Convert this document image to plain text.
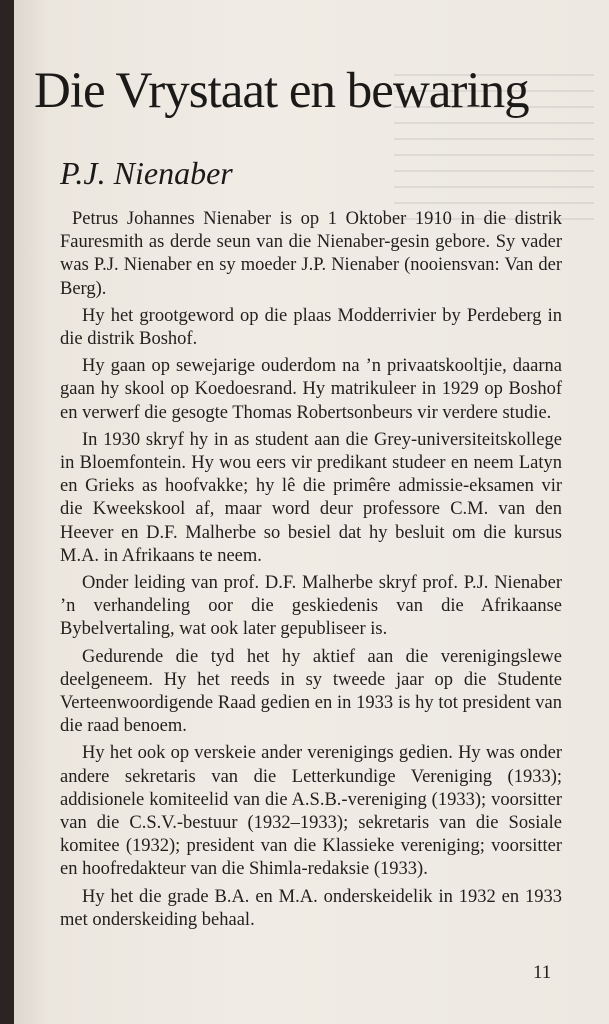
Die Vrystaat en bewaring
P.J. Nienaber

Petrus Johannes Nienaber is op 1 Oktober 1910 in die distrik Fauresmith as derde seun van die Nienaber-gesin gebore. Sy vader was P.J. Nienaber en sy moeder J.P. Nienaber (nooiensvan: Van der Berg).

Hy het grootgeword op die plaas Modderrivier by Perdeberg in die distrik Boshof.

Hy gaan op sewejarige ouderdom na ’n privaatskooltjie, daarna gaan hy skool op Koedoesrand. Hy matrikuleer in 1929 op Boshof en verwerf die gesogte Thomas Robertsonbeurs vir verdere studie.

In 1930 skryf hy in as student aan die Grey-universiteitskollege in Bloemfontein. Hy wou eers vir predikant studeer en neem Latyn en Grieks as hoofvakke; hy lê die primêre admissie-eksamen vir die Kweekskool af, maar word deur professore C.M. van den Heever en D.F. Malherbe so besiel dat hy besluit om die kursus M.A. in Afrikaans te neem.

Onder leiding van prof. D.F. Malherbe skryf prof. P.J. Nienaber ’n verhandeling oor die geskiedenis van die Afrikaanse Bybelvertaling, wat ook later gepubliseer is.

Gedurende die tyd het hy aktief aan die verenigingslewe deelgeneem. Hy het reeds in sy tweede jaar op die Studente Verteenwoordigende Raad gedien en in 1933 is hy tot president van die raad benoem.

Hy het ook op verskeie ander verenigings gedien. Hy was onder andere sekretaris van die Letterkundige Vereniging (1933); addisionele komiteelid van die A.S.B.-vereniging (1933); voorsitter van die C.S.V.-bestuur (1932–1933); sekretaris van die Sosiale komitee (1932); president van die Klassieke vereniging; voorsitter en hoofredakteur van die Shimla-redaksie (1933).

Hy het die grade B.A. en M.A. onderskeidelik in 1932 en 1933 met onderskeiding behaal.

11
